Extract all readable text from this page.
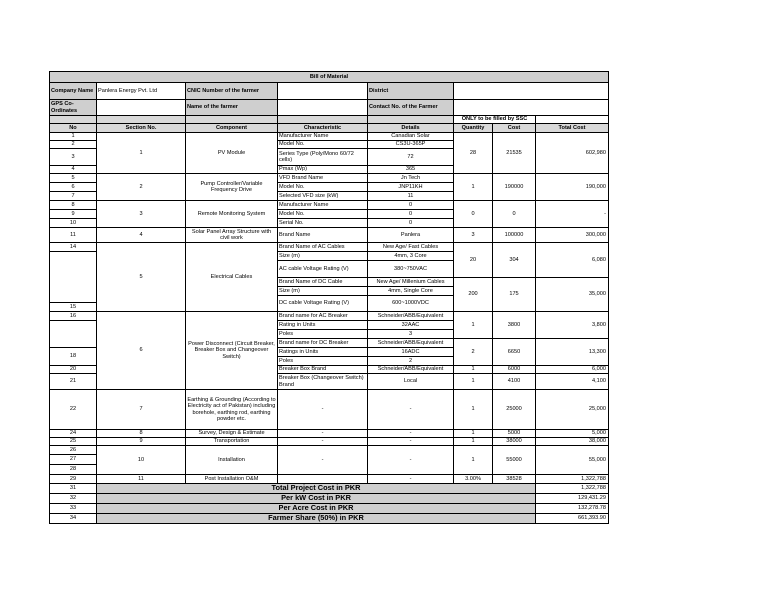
Bill of Material							
Company Name	Panlera Energy Pvt. Ltd	CNIC Number of the farmer		District			
GPS Co-Ordinates		Name of the farmer		Contact No. of the Farmer			
					ONLY to be filled by SSC		
No	Section No.	Component	Characteristic	Details	Quantity	Cost	Total Cost
1	1	PV Module	Manufacturer Name	Canadian Solar	28	21535	602,980
2			Model No.	CS3U-365P			
3			Series Type (Poly/Mono 60/72 cells)	72			

4			Pmax (Wp)	365			
5	2	Pump Controller/Variable Frequency Drive	VFD Brand Name	Jn Tech	1	190000	190,000
6			Model No.	JNP11KH			
7			Selected VFD size (kW)	11			
8	3	Remote Monitoring System	Manufacturer Name	0	0	0	-
9			Model No.	0			
10			Serial No.	0			
11	4	Solar Panel Array Structure with civil work	Brand Name	Panlera	3	100000	300,000
14	5	Electrical Cables	Brand Name of AC Cables	New Age/ Fast Cables	20	304	6,080
			Size (m)	4mm, 3 Core			
			AC cable Voltage Rating (V)	380~750VAC			
			Brand Name of DC Cable	New Age/ Millenium Cables	200	175	35,000
			Size (m)	4mm, Single Core			
			DC cable Voltage Rating (V)	600~1000VDC			
15							
16	6	Power Disconnect (Circuit Breaker, Breaker Box and Changeover Switch)	Brand name for AC Breaker	Schneider/ABB/Equivalent	1	3800	3,800
			Rating in Units	32AAC			
			Poles	3			
			Brand name for DC Breaker	Schneider/ABB/Equivalent	2	6650	13,300
18			Ratings in Units	16ADC			
			Poles	2			
20			Breaker Box Brand	Schneider/ABB/Equivalent	1	6000	6,000
21			Breaker Box (Changeover Switch) Brand	Local	1	4100	4,100
22	7	Earthing & Grounding (According to Electricity act of Pakistan) including borehole, earthing rod, earthing powder etc.	-	-	1	25000	25,000
24	8	Survey, Design & Estimate	-	-	1	5000	5,000
25	9	Transportation	-	-	1	38000	38,000
26	10	Installation	-	-	1	55000	55,000
27							
28							
29	11	Post Installation O&M		-	3.00%	38528	1,322,788
31	Total Project Cost in PKR						1,322,788
32	Per kW Cost in PKR						129,431.29
33	Per Acre Cost in PKR						132,278.78
34	Farmer Share (50%) in PKR						661,393.90
